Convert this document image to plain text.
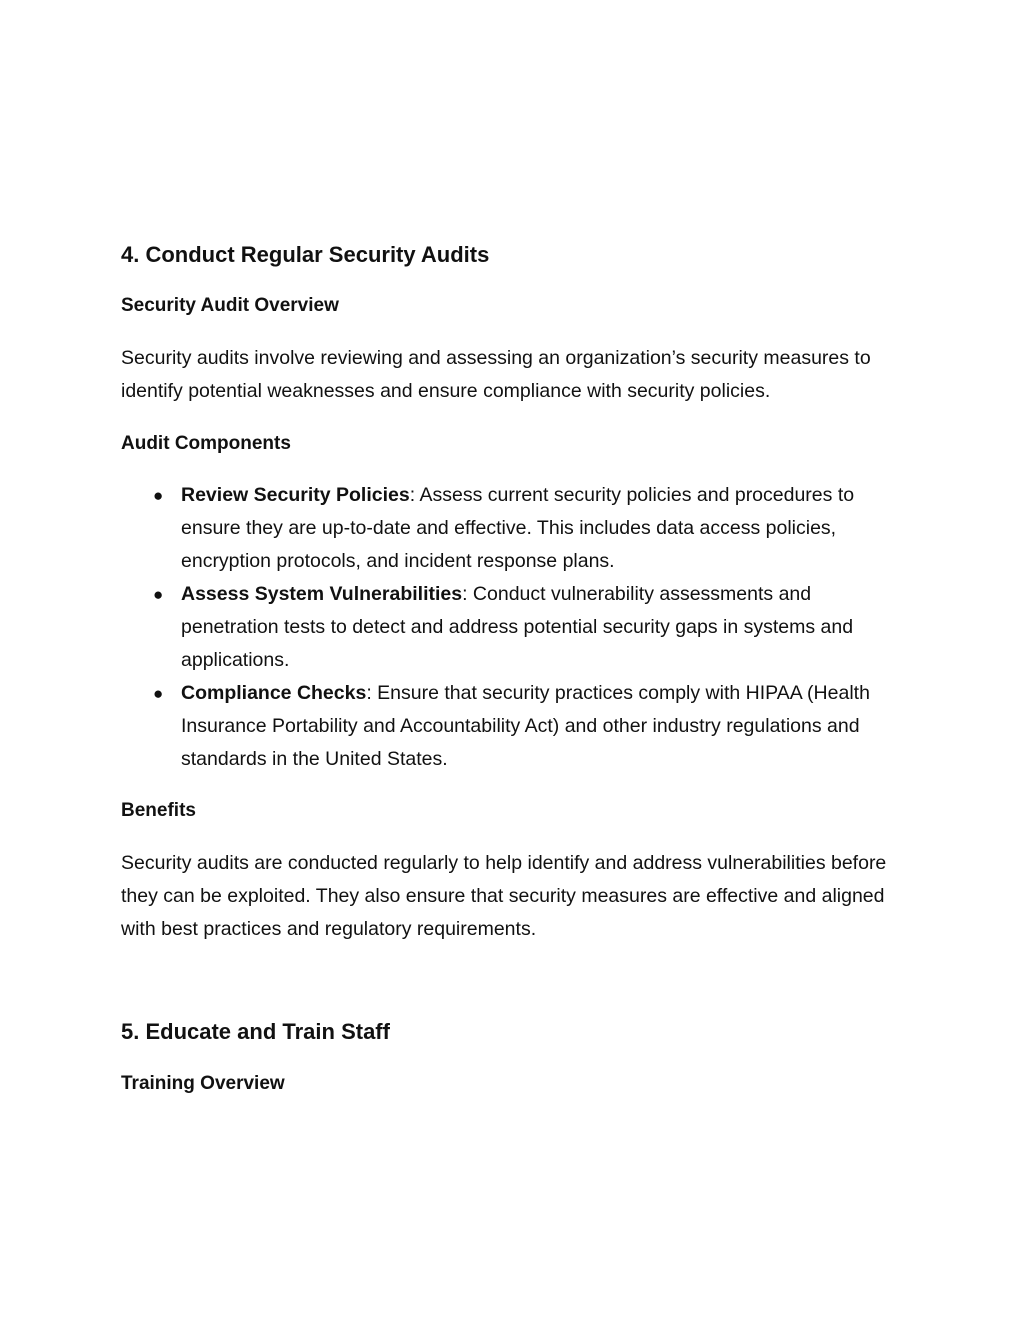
4. Conduct Regular Security Audits
Security Audit Overview

Security audits involve reviewing and assessing an organization’s security measures to identify potential weaknesses and ensure compliance with security policies.

Audit Components
● Review Security Policies: Assess current security policies and procedures to ensure they are up-to-date and effective. This includes data access policies, encryption protocols, and incident response plans.
● Assess System Vulnerabilities: Conduct vulnerability assessments and penetration tests to detect and address potential security gaps in systems and applications.
● Compliance Checks: Ensure that security practices comply with HIPAA (Health Insurance Portability and Accountability Act) and other industry regulations and standards in the United States.
Benefits

Security audits are conducted regularly to help identify and address vulnerabilities before they can be exploited. They also ensure that security measures are effective and aligned with best practices and regulatory requirements.

5. Educate and Train Staff
Training Overview
